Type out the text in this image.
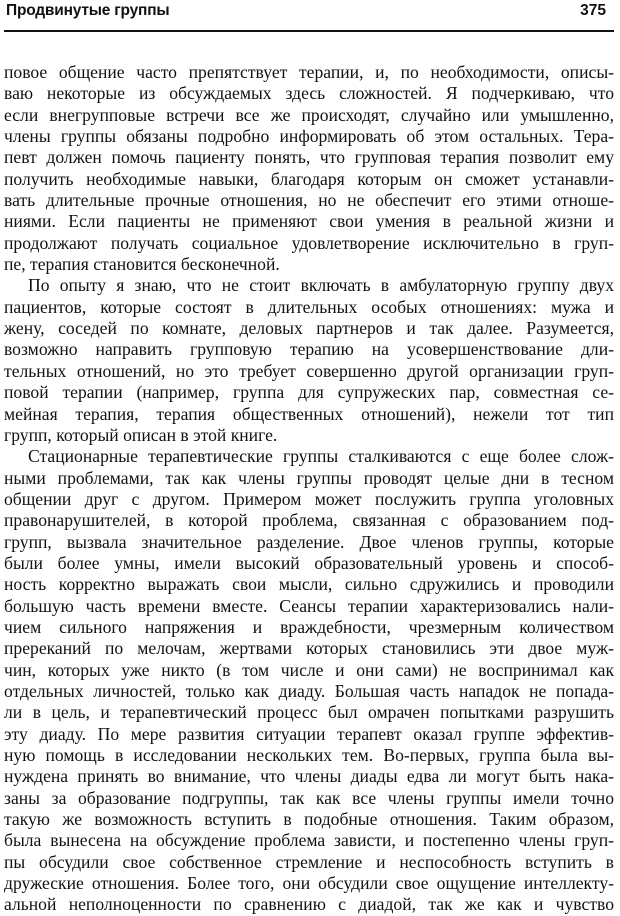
Продвинутые группы	375
повое общение часто препятствует терапии, и, по необходимости, описы-
ваю некоторые из обсуждаемых здесь сложностей. Я подчеркиваю, что
если внегрупповые встречи все же происходят, случайно или умышленно,
члены группы обязаны подробно информировать об этом остальных. Тера-
певт должен помочь пациенту понять, что групповая терапия позволит ему
получить необходимые навыки, благодаря которым он сможет устанавли-
вать длительные прочные отношения, но не обеспечит его этими отноше-
ниями. Если пациенты не применяют свои умения в реальной жизни и
продолжают получать социальное удовлетворение исключительно в груп-
пе, терапия становится бесконечной.
По опыту я знаю, что не стоит включать в амбулаторную группу двух
пациентов, которые состоят в длительных особых отношениях: мужа и
жену, соседей по комнате, деловых партнеров и так далее. Разумеется,
возможно направить групповую терапию на усовершенствование дли-
тельных отношений, но это требует совершенно другой организации груп-
повой терапии (например, группа для супружеских пар, совместная се-
мейная терапия, терапия общественных отношений), нежели тот тип
групп, который описан в этой книге.
Стационарные терапевтические группы сталкиваются с еще более слож-
ными проблемами, так как члены группы проводят целые дни в тесном
общении друг с другом. Примером может послужить группа уголовных
правонарушителей, в которой проблема, связанная с образованием под-
групп, вызвала значительное разделение. Двое членов группы, которые
были более умны, имели высокий образовательный уровень и способ-
ность корректно выражать свои мысли, сильно сдружились и проводили
большую часть времени вместе. Сеансы терапии характеризовались нали-
чием сильного напряжения и враждебности, чрезмерным количеством
пререканий по мелочам, жертвами которых становились эти двое муж-
чин, которых уже никто (в том числе и они сами) не воспринимал как
отдельных личностей, только как диаду. Большая часть нападок не попада-
ли в цель, и терапевтический процесс был омрачен попытками разрушить
эту диаду. По мере развития ситуации терапевт оказал группе эффектив-
ную помощь в исследовании нескольких тем. Во-первых, группа была вы-
нуждена принять во внимание, что члены диады едва ли могут быть нака-
заны за образование подгруппы, так как все члены группы имели точно
такую же возможность вступить в подобные отношения. Таким образом,
была вынесена на обсуждение проблема зависти, и постепенно члены груп-
пы обсудили свое собственное стремление и неспособность вступить в
дружеские отношения. Более того, они обсудили свое ощущение интеллекту-
альной неполноценности по сравнению с диадой, так же как и чувство
